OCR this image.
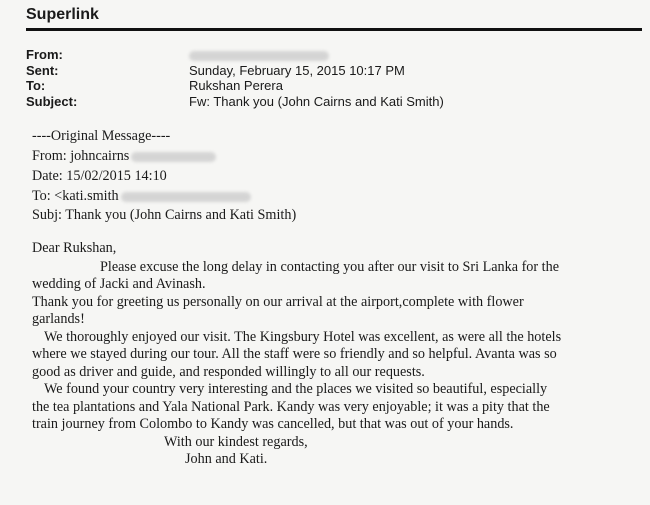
Superlink
From:
Sent:	Sunday, February 15, 2015 10:17 PM
To:	Rukshan Perera
Subject:	Fw: Thank you (John Cairns and Kati Smith)
----Original Message----
From: johncairns
Date: 15/02/2015 14:10
To: <kati.smith
Subj: Thank you (John Cairns and Kati Smith)
Dear Rukshan,
Please excuse the long delay in contacting you after our visit to Sri Lanka for the
wedding of Jacki and Avinash.
Thank you for greeting us personally on our arrival at the airport,complete with flower
garlands!
We thoroughly enjoyed our visit. The Kingsbury Hotel was excellent, as were all the hotels
where we stayed during our tour. All the staff were so friendly and so helpful. Avanta was so
good as driver and guide, and responded willingly to all our requests.
We found your country very interesting and the places we visited so beautiful, especially
the tea plantations and Yala National Park. Kandy was very enjoyable; it was a pity that the
train journey from Colombo to Kandy was cancelled, but that was out of your hands.
With our kindest regards,
John and Kati.
